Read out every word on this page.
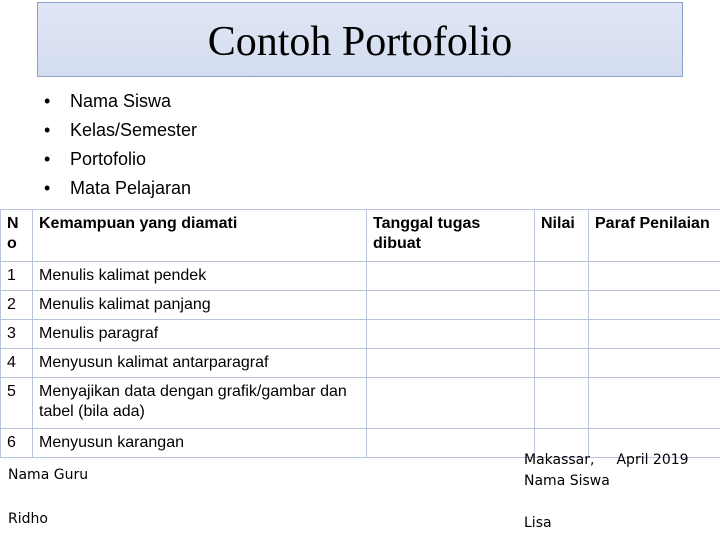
Contoh Portofolio
•	Nama Siswa
•	Kelas/Semester
•	Portofolio
•	Mata Pelajaran
N o	Kemampuan yang diamati	Tanggal tugas dibuat	Nilai	Paraf Penilaian
1	Menulis kalimat pendek			
2	Menulis kalimat panjang			
3	Menulis paragraf			
4	Menyusun kalimat antarparagraf			
5	Menyajikan data dengan grafik/gambar dan tabel (bila ada)			
6	Menyusun karangan			
Nama Guru
Ridho
Makassar, April 2019
Nama Siswa
Lisa
